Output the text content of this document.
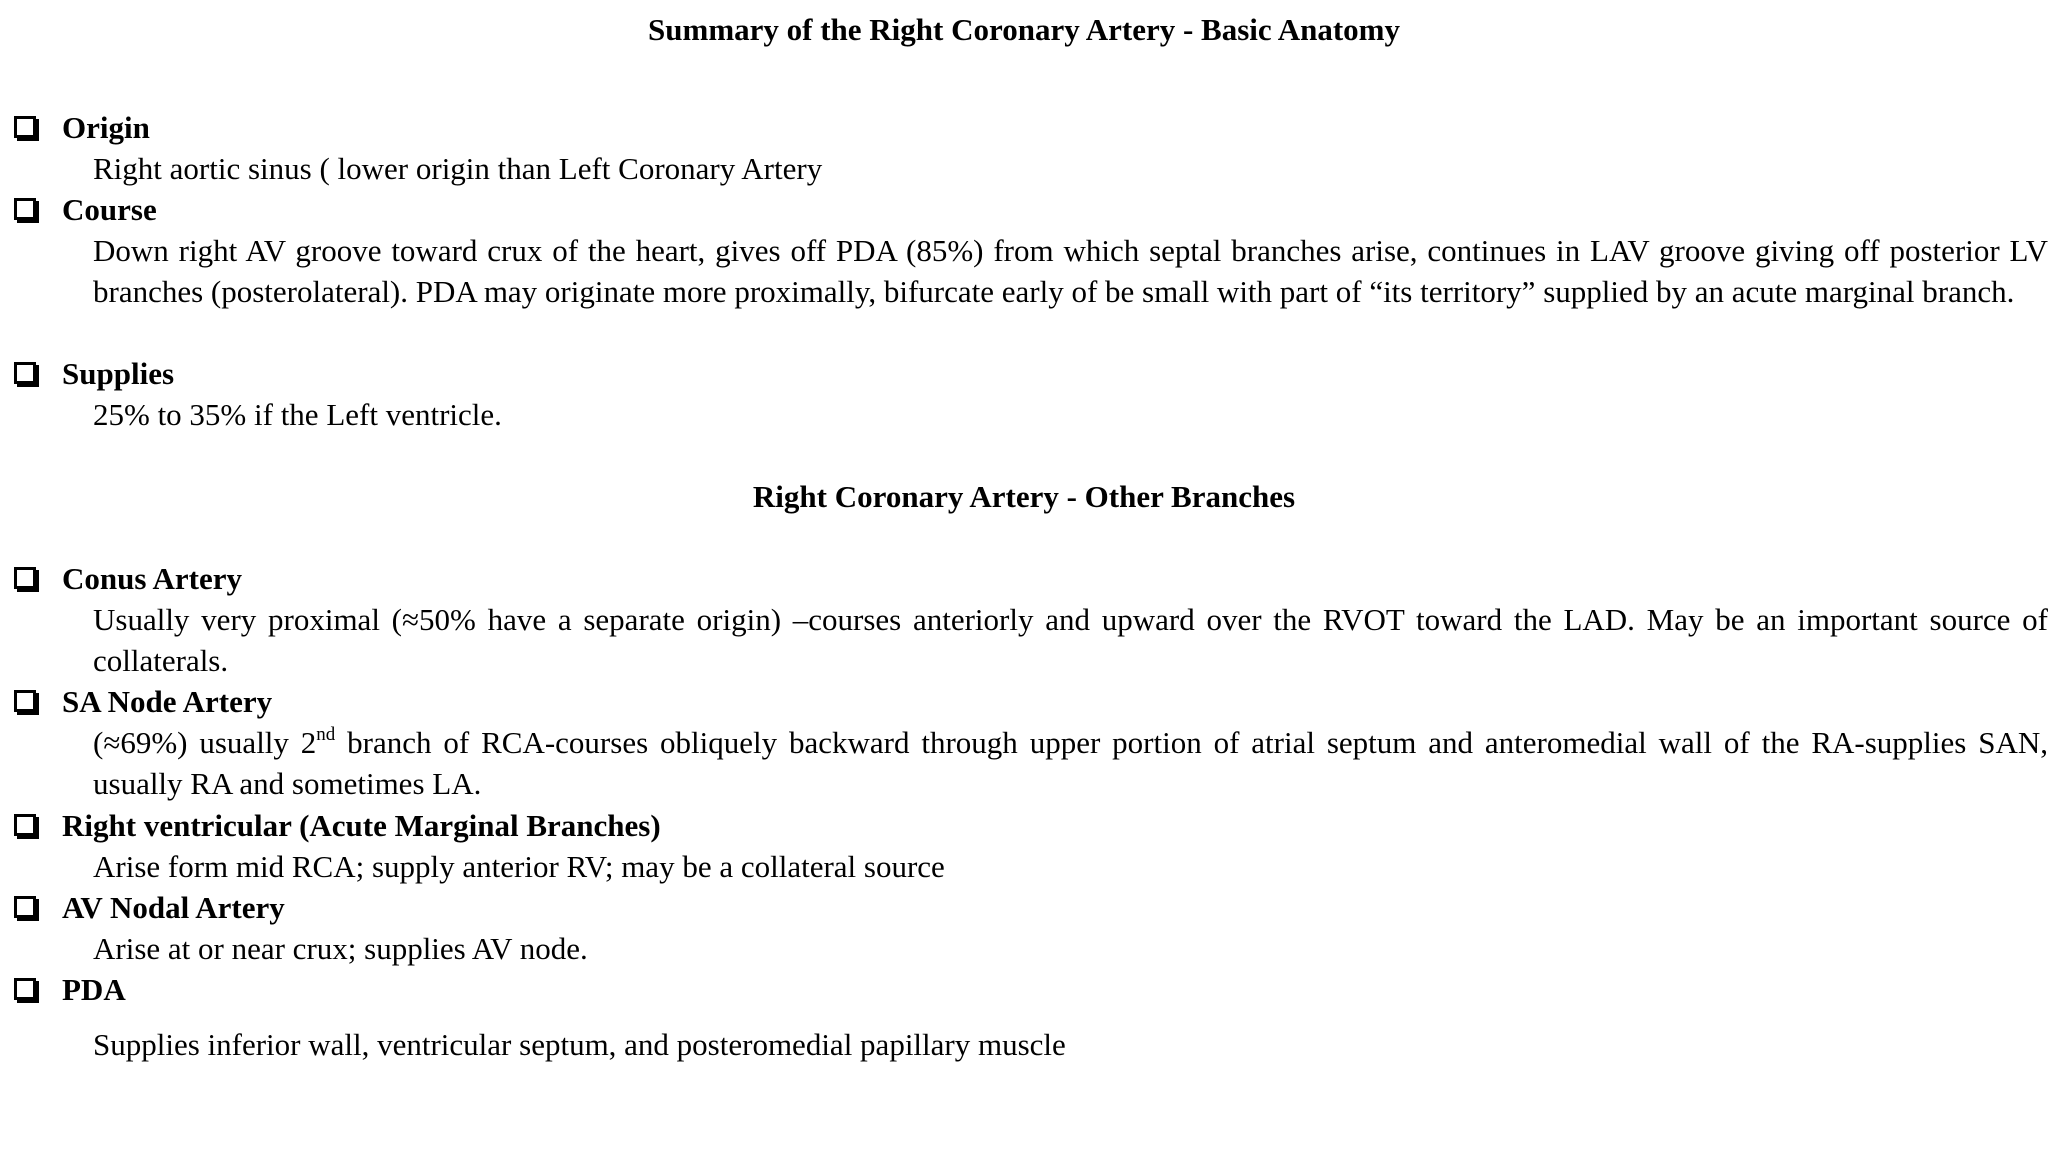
Summary of the Right Coronary Artery - Basic Anatomy
Origin
Right aortic sinus ( lower origin than Left Coronary Artery
Course
Down right AV groove toward crux of the heart, gives off PDA (85%) from which septal branches arise, continues in LAV groove giving off posterior LV branches (posterolateral). PDA may originate more proximally, bifurcate early of be small with part of “its territory” supplied by an acute marginal branch.
Supplies
25% to 35% if the Left ventricle.
Right Coronary Artery - Other Branches
Conus Artery
Usually very proximal (≈50% have a separate origin) –courses anteriorly and upward over the RVOT toward the LAD. May be an important source of collaterals.
SA Node Artery
(≈69%) usually 2nd branch of RCA-courses obliquely backward through upper portion of atrial septum and anteromedial wall of the RA-supplies SAN, usually RA and sometimes LA.
Right ventricular (Acute Marginal Branches)
Arise form mid RCA; supply anterior RV; may be a collateral source
AV Nodal Artery
Arise at or near crux; supplies AV node.
PDA
Supplies inferior wall, ventricular septum, and posteromedial papillary muscle
